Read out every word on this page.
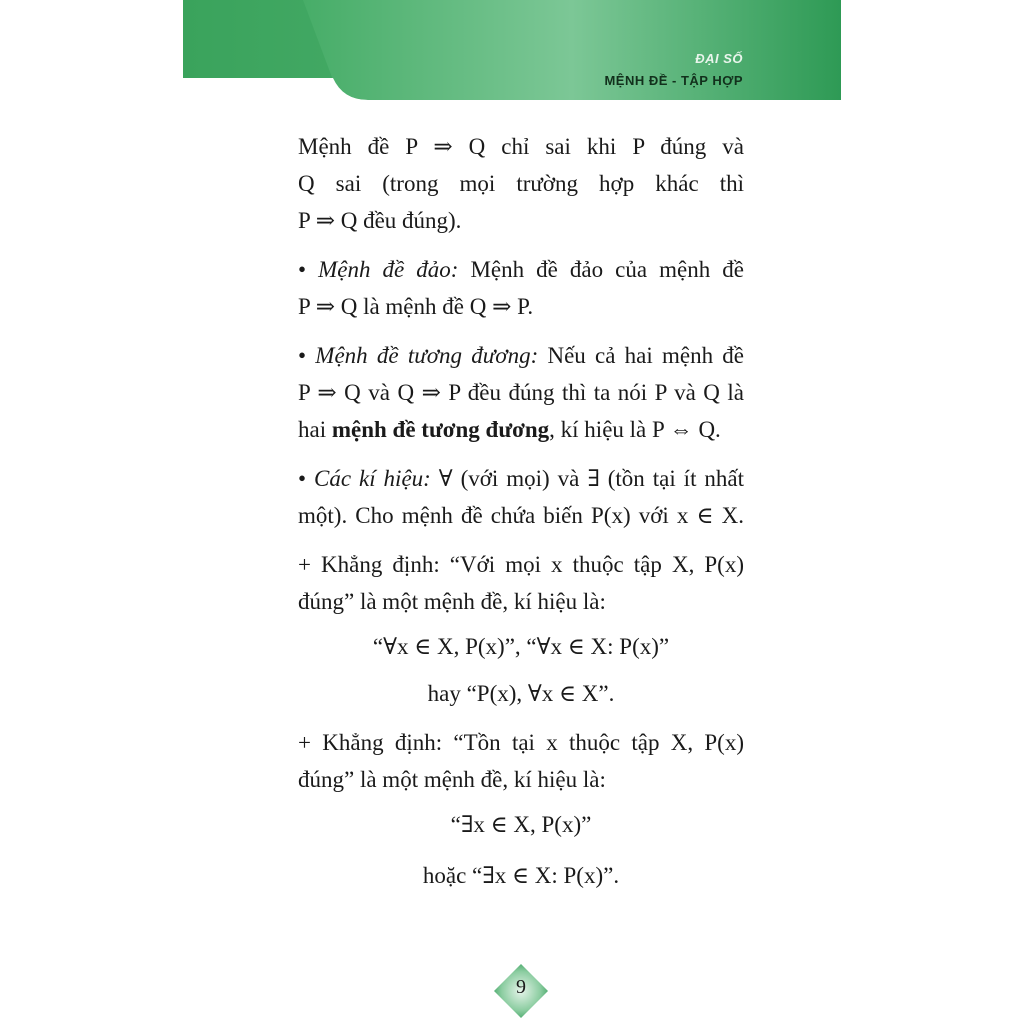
ĐẠI SỐ
MỆNH ĐỀ - TẬP HỢP
Mệnh đề P ⇒ Q chỉ sai khi P đúng và
Q sai (trong mọi trường hợp khác thì
P ⇒ Q đều đúng).
• Mệnh đề đảo: Mệnh đề đảo của mệnh đề
P ⇒ Q là mệnh đề Q ⇒ P.
• Mệnh đề tương đương: Nếu cả hai mệnh đề
P ⇒ Q và Q ⇒ P đều đúng thì ta nói P và Q là
hai mệnh đề tương đương, kí hiệu là P ⇔ Q.
• Các kí hiệu: ∀ (với mọi) và ∃ (tồn tại ít nhất
một). Cho mệnh đề chứa biến P(x) với x ∈ X.
+ Khẳng định: “Với mọi x thuộc tập X, P(x)
đúng” là một mệnh đề, kí hiệu là:
“∀x ∈ X, P(x)”, “∀x ∈ X: P(x)”
hay “P(x), ∀x ∈ X”.
+ Khẳng định: “Tồn tại x thuộc tập X, P(x)
đúng” là một mệnh đề, kí hiệu là:
“∃x ∈ X, P(x)”
hoặc “∃x ∈ X: P(x)”.
9
